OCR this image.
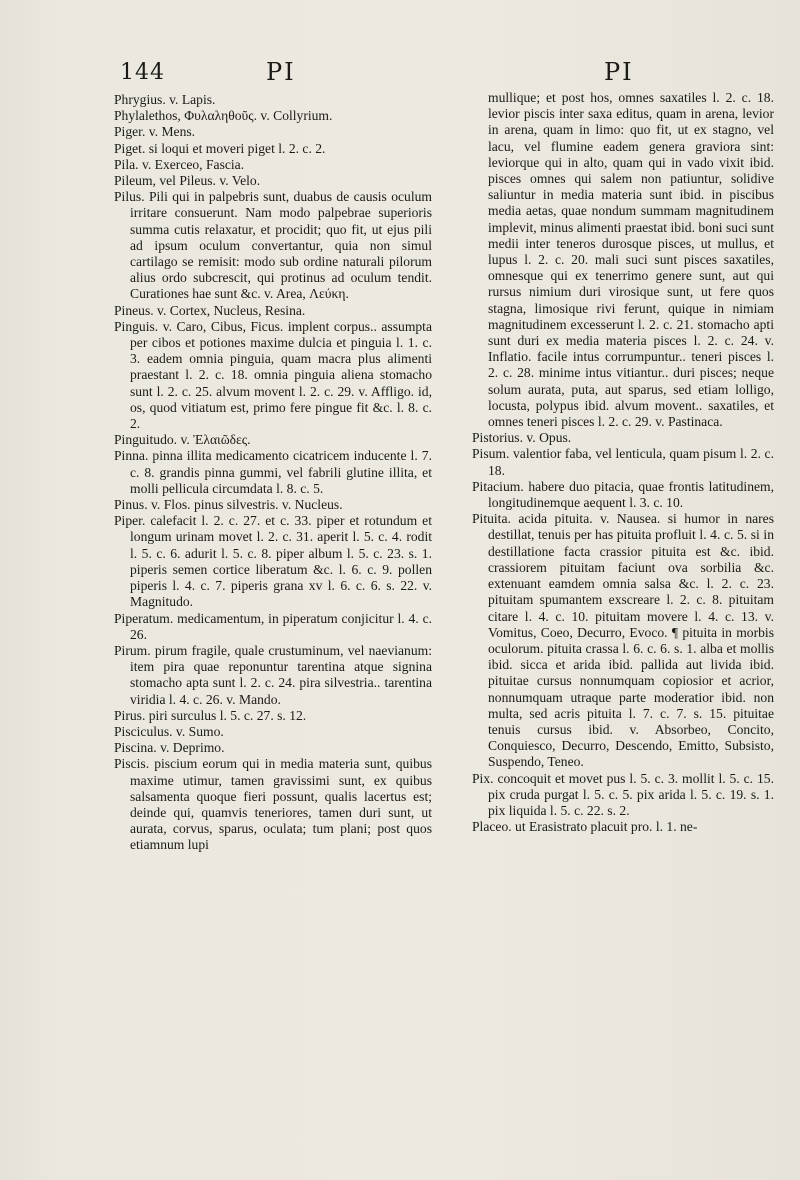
144	PI	PI

Phrygius. v. Lapis.

Phylalethos, Φυλαληθοῦς. v. Collyrium.

Piger. v. Mens.

Piget. si loqui et moveri piget l. 2. c. 2.

Pila. v. Exerceo, Fascia.

Pileum, vel Pileus. v. Velo.

Pilus. Pili qui in palpebris sunt, duabus de causis oculum irritare consuerunt. Nam modo palpebrae superioris summa cutis relaxatur, et procidit; quo fit, ut ejus pili ad ipsum oculum convertantur, quia non simul cartilago se remisit: modo sub ordine naturali pilorum alius ordo subcrescit, qui protinus ad oculum tendit. Curationes hae sunt &c. v. Area, Λεύκη.

Pineus. v. Cortex, Nucleus, Resina.

Pinguis. v. Caro, Cibus, Ficus. implent corpus.. assumpta per cibos et potiones maxime dulcia et pinguia l. 1. c. 3. eadem omnia pinguia, quam macra plus alimenti praestant l. 2. c. 18. omnia pinguia aliena stomacho sunt l. 2. c. 25. alvum movent l. 2. c. 29. v. Affligo. id, os, quod vitiatum est, primo fere pingue fit &c. l. 8. c. 2.

Pinguitudo. v. Ἐλαιῶδες.

Pinna. pinna illita medicamento cicatricem inducente l. 7. c. 8. grandis pinna gummi, vel fabrili glutine illita, et molli pellicula circumdata l. 8. c. 5.

Pinus. v. Flos. pinus silvestris. v. Nucleus.

Piper. calefacit l. 2. c. 27. et c. 33. piper et rotundum et longum urinam movet l. 2. c. 31. aperit l. 5. c. 4. rodit l. 5. c. 6. adurit l. 5. c. 8. piper album l. 5. c. 23. s. 1. piperis semen cortice liberatum &c. l. 6. c. 9. pollen piperis l. 4. c. 7. piperis grana xv l. 6. c. 6. s. 22. v. Magnitudo.

Piperatum. medicamentum, in piperatum conjicitur l. 4. c. 26.

Pirum. pirum fragile, quale crustuminum, vel naevianum: item pira quae reponuntur tarentina atque signina stomacho apta sunt l. 2. c. 24. pira silvestria.. tarentina viridia l. 4. c. 26. v. Mando.

Pirus. piri surculus l. 5. c. 27. s. 12.

Pisciculus. v. Sumo.

Piscina. v. Deprimo.

Piscis. piscium eorum qui in media materia sunt, quibus maxime utimur, tamen gravissimi sunt, ex quibus salsamenta quoque fieri possunt, qualis lacertus est; deinde qui, quamvis teneriores, tamen duri sunt, ut aurata, corvus, sparus, oculata; tum plani; post quos etiamnum lupi

mullique; et post hos, omnes saxatiles l. 2. c. 18. levior piscis inter saxa editus, quam in arena, levior in arena, quam in limo: quo fit, ut ex stagno, vel lacu, vel flumine eadem genera graviora sint: leviorque qui in alto, quam qui in vado vixit ibid. pisces omnes qui salem non patiuntur, solidive saliuntur in media materia sunt ibid. in piscibus media aetas, quae nondum summam magnitudinem implevit, minus alimenti praestat ibid. boni suci sunt medii inter teneros durosque pisces, ut mullus, et lupus l. 2. c. 20. mali suci sunt pisces saxatiles, omnesque qui ex tenerrimo genere sunt, aut qui rursus nimium duri virosique sunt, ut fere quos stagna, limosique rivi ferunt, quique in nimiam magnitudinem excesserunt l. 2. c. 21. stomacho apti sunt duri ex media materia pisces l. 2. c. 24. v. Inflatio. facile intus corrumpuntur.. teneri pisces l. 2. c. 28. minime intus vitiantur.. duri pisces; neque solum aurata, puta, aut sparus, sed etiam lolligo, locusta, polypus ibid. alvum movent.. saxatiles, et omnes teneri pisces l. 2. c. 29. v. Pastinaca.

Pistorius. v. Opus.

Pisum. valentior faba, vel lenticula, quam pisum l. 2. c. 18.

Pitacium. habere duo pitacia, quae frontis latitudinem, longitudinemque aequent l. 3. c. 10.

Pituita. acida pituita. v. Nausea. si humor in nares destillat, tenuis per has pituita profluit l. 4. c. 5. si in destillatione facta crassior pituita est &c. ibid. crassiorem pituitam faciunt ova sorbilia &c. extenuant eamdem omnia salsa &c. l. 2. c. 23. pituitam spumantem exscreare l. 2. c. 8. pituitam citare l. 4. c. 10. pituitam movere l. 4. c. 13. v. Vomitus, Coeo, Decurro, Evoco. ¶ pituita in morbis oculorum. pituita crassa l. 6. c. 6. s. 1. alba et mollis ibid. sicca et arida ibid. pallida aut livida ibid. pituitae cursus nonnumquam copiosior et acrior, nonnumquam utraque parte moderatior ibid. non multa, sed acris pituita l. 7. c. 7. s. 15. pituitae tenuis cursus ibid. v. Absorbeo, Concito, Conquiesco, Decurro, Descendo, Emitto, Subsisto, Suspendo, Teneo.

Pix. concoquit et movet pus l. 5. c. 3. mollit l. 5. c. 15. pix cruda purgat l. 5. c. 5. pix arida l. 5. c. 19. s. 1. pix liquida l. 5. c. 22. s. 2.

Placeo. ut Erasistrato placuit pro. l. 1. ne-
